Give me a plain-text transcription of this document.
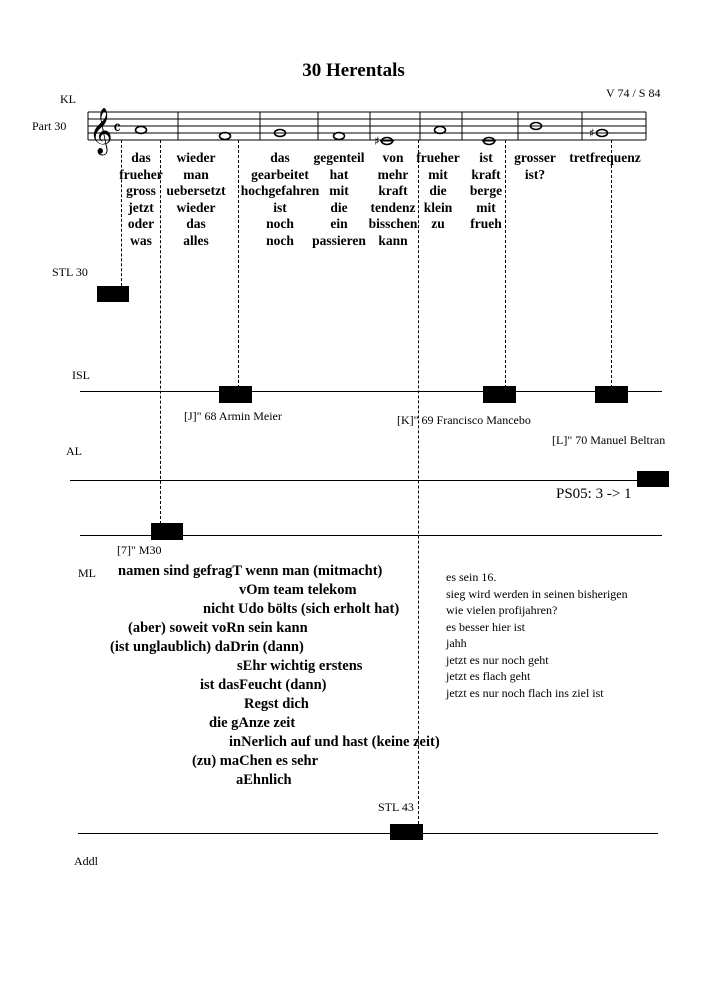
30 Herentals
KL
Part 30
V 74 / S 84
𝄞 𝄴
♯
♯
das
frueher
gross
jetzt
oder
was
wieder
man
uebersetzt
wieder
das
alles
das
gearbeitet
hochgefahren
ist
noch
noch
gegenteil
hat
mit
die
ein
passieren
von
mehr
kraft
tendenz
bisschen
kann
frueher
mit
die
klein
zu
ist
kraft
berge
mit
frueh
grosser
ist?
tretfrequenz
STL 30
ISL
[J]" 68 Armin Meier	[K]" 69 Francisco Mancebo
[L]" 70 Manuel Beltran
AL
PS05: 3 -> 1
[7]" M30
ML namen sind gefragT wenn man (mitmacht)
vOm team telekom
nicht Udo bölts (sich erholt hat)
(aber) soweit voRn sein kann
(ist unglaublich) daDrin (dann)
sEhr wichtig erstens
ist dasFeucht (dann)
Regst dich
die gAnze zeit
inNerlich auf und hast (keine zeit)
(zu) maChen es sehr
aEhnlich
es sein 16.
sieg wird werden in seinen bisherigen
wie vielen profijahren?
es besser hier ist
jahh
jetzt es nur noch geht
jetzt es flach geht
jetzt es nur noch flach ins ziel ist
STL 43
Addl
